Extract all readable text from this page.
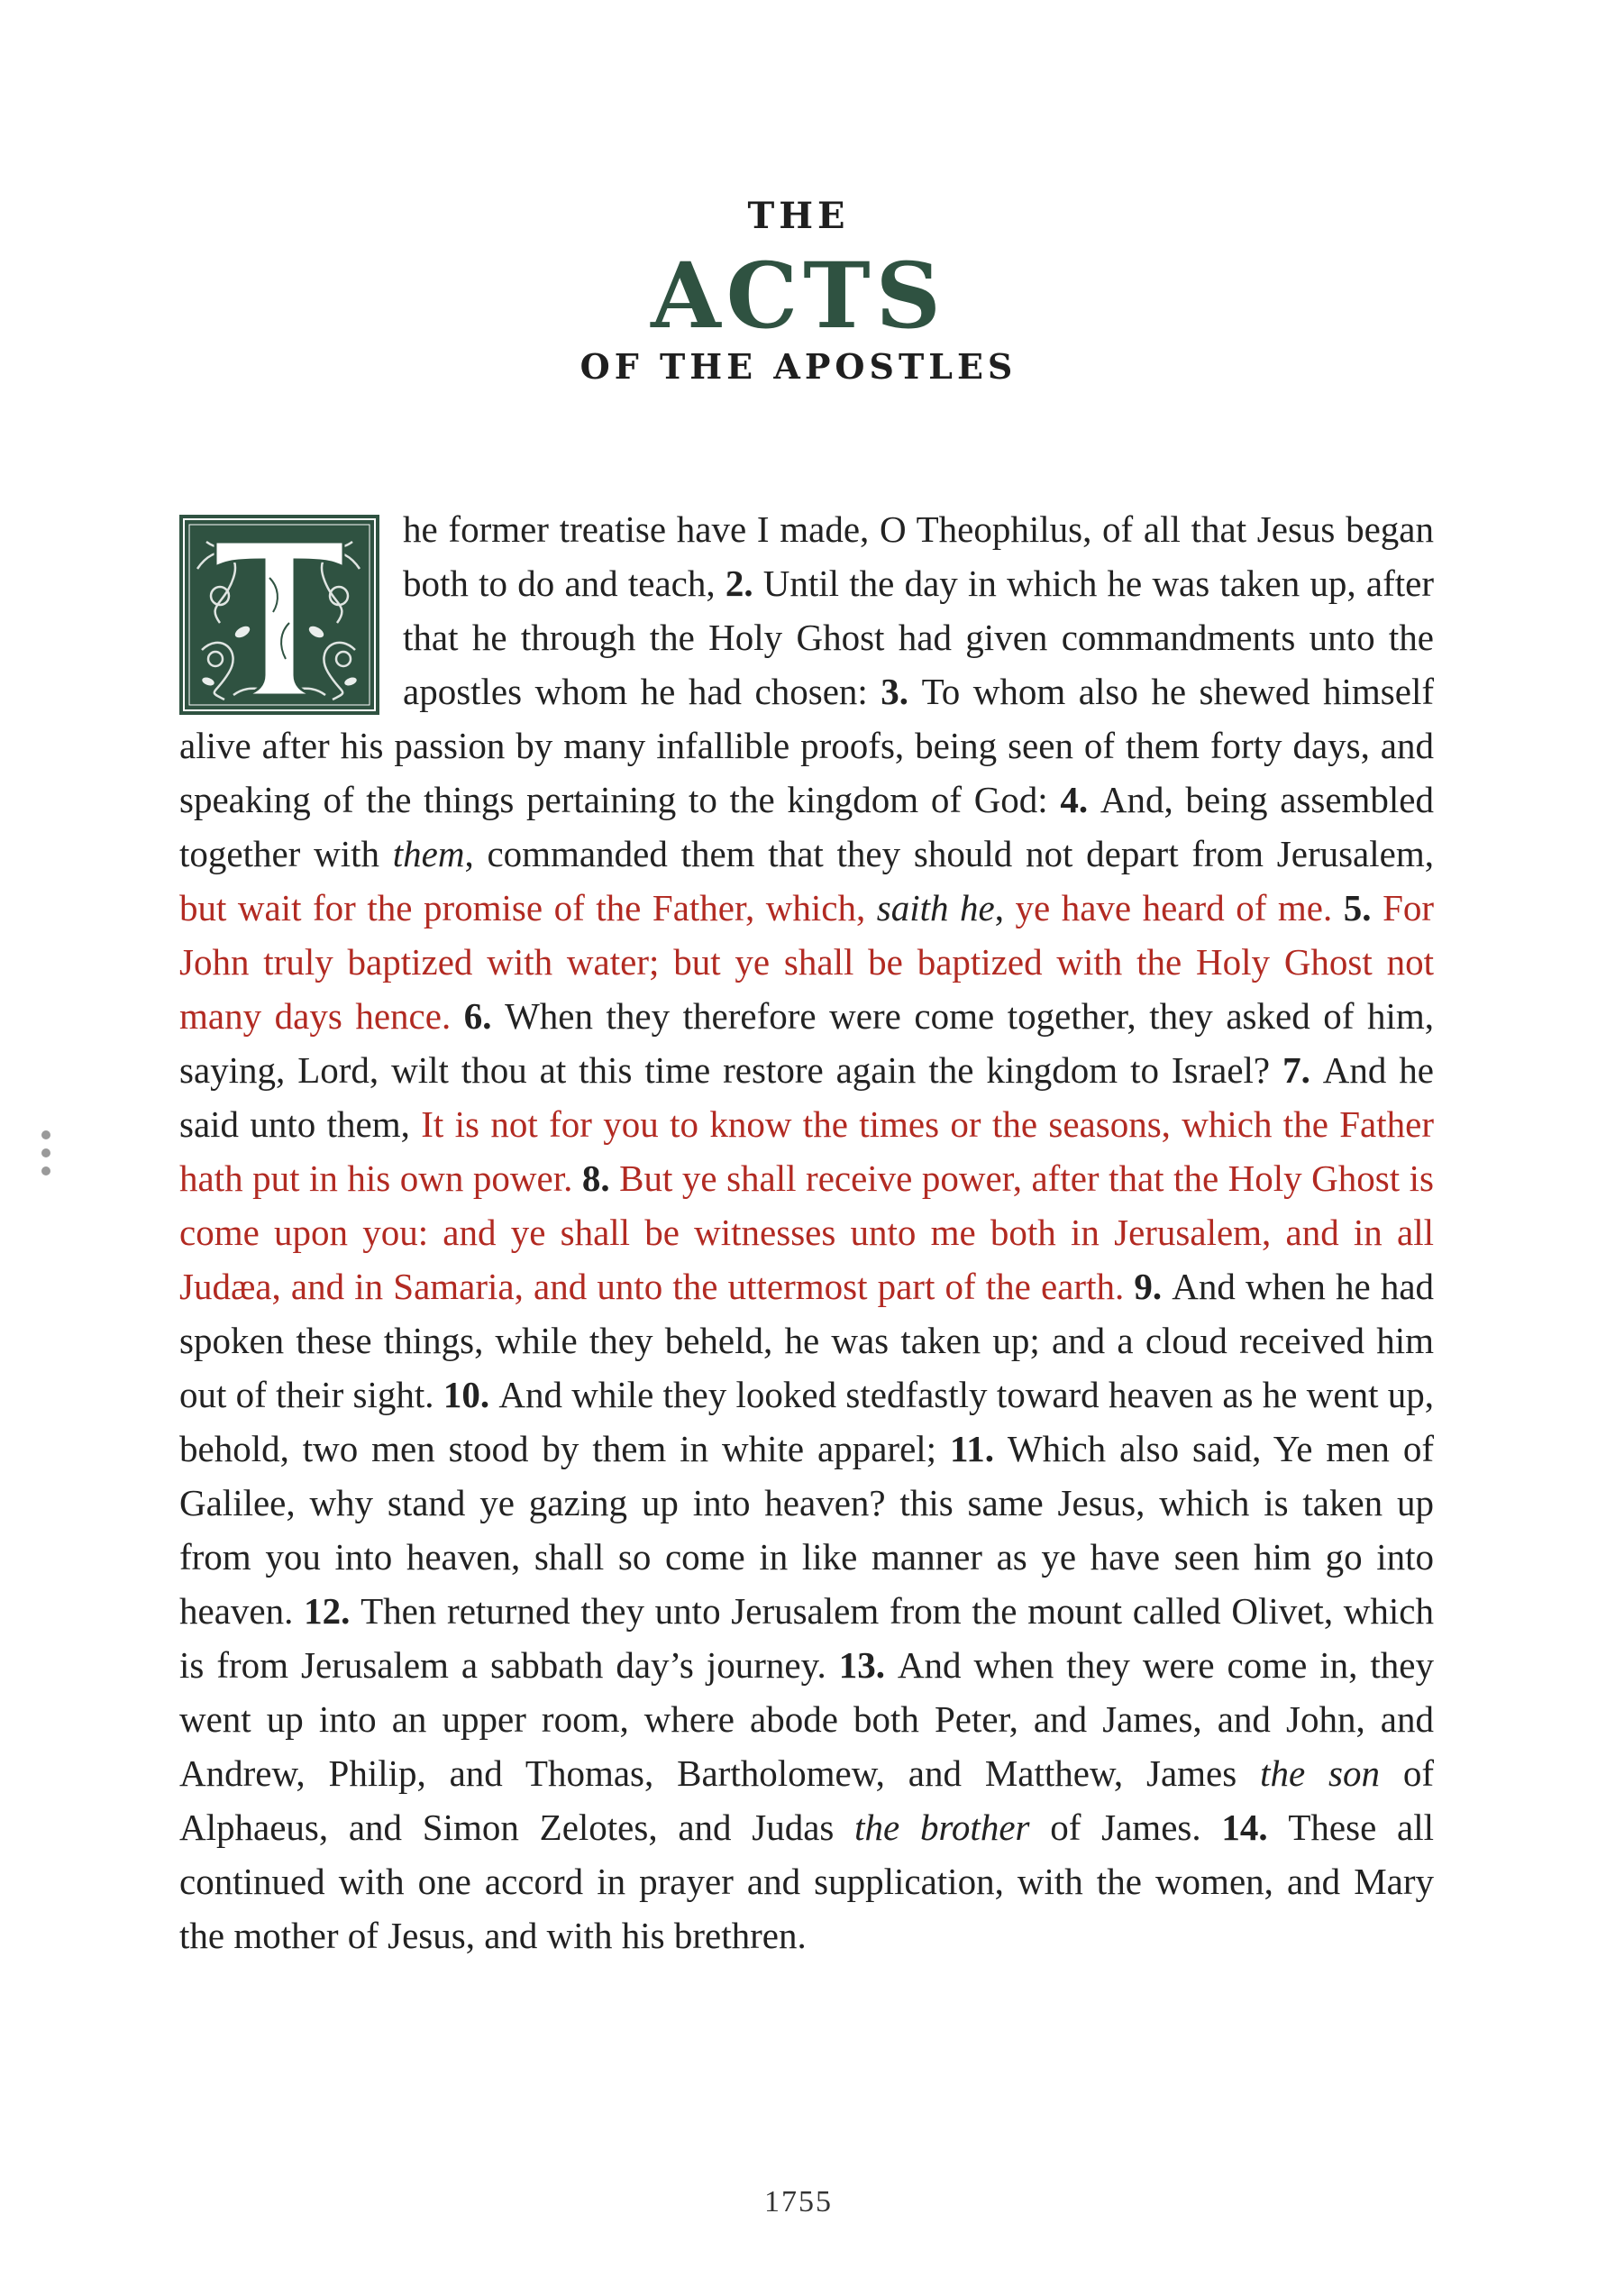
THE
ACTS
OF THE APOSTLES
he former treatise have I made, O Theophilus, of all that Jesus began both to do and teach, 2. Until the day in which he was taken up, after that he through the Holy Ghost had given commandments unto the apostles whom he had chosen: 3. To whom also he shewed himself alive after his passion by many infallible proofs, being seen of them forty days, and speaking of the things pertaining to the kingdom of God: 4. And, being assembled together with them, commanded them that they should not depart from Jerusalem, but wait for the promise of the Father, which, saith he, ye have heard of me. 5. For John truly baptized with water; but ye shall be baptized with the Holy Ghost not many days hence. 6. When they therefore were come together, they asked of him, saying, Lord, wilt thou at this time restore again the kingdom to Israel? 7. And he said unto them, It is not for you to know the times or the seasons, which the Father hath put in his own power. 8. But ye shall receive power, after that the Holy Ghost is come upon you: and ye shall be witnesses unto me both in Jerusalem, and in all Judæa, and in Samaria, and unto the uttermost part of the earth. 9. And when he had spoken these things, while they beheld, he was taken up; and a cloud received him out of their sight. 10. And while they looked stedfastly toward heaven as he went up, behold, two men stood by them in white apparel; 11. Which also said, Ye men of Galilee, why stand ye gazing up into heaven? this same Jesus, which is taken up from you into heaven, shall so come in like manner as ye have seen him go into heaven. 12. Then returned they unto Jerusalem from the mount called Olivet, which is from Jerusalem a sabbath day’s journey. 13. And when they were come in, they went up into an upper room, where abode both Peter, and James, and John, and Andrew, Philip, and Thomas, Bartholomew, and Matthew, James the son of Alphaeus, and Simon Zelotes, and Judas the brother of James. 14. These all continued with one accord in prayer and supplication, with the women, and Mary the mother of Jesus, and with his brethren.
1755
